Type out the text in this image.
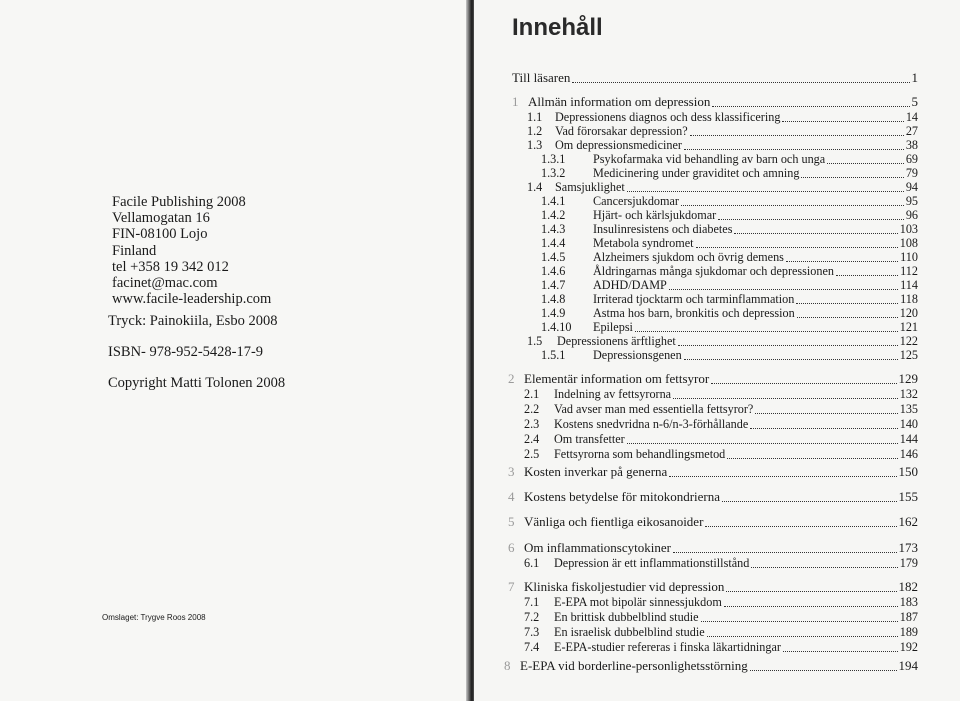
Facile Publishing 2008
Vellamogatan 16
FIN-08100 Lojo
Finland
tel +358 19 342 012
facinet@mac.com
www.facile-leadership.com
Tryck: Painokiila, Esbo 2008
ISBN- 978-952-5428-17-9
Copyright Matti Tolonen 2008
Omslaget: Trygve Roos 2008
Innehåll
Till läsaren	1
1 Allmän information om depression	5
1.1	Depressionens diagnos och dess klassificering	14
1.2	Vad förorsakar depression?	27
1.3	Om depressionsmediciner	38
1.3.1	Psykofarmaka vid behandling av barn och unga	69
1.3.2	Medicinering under graviditet och amning	79
1.4	Samsjuklighet	94
1.4.1	Cancersjukdomar	95
1.4.2	Hjärt- och kärlsjukdomar	96
1.4.3	Insulinresistens och diabetes	103
1.4.4	Metabola syndromet	108
1.4.5	Alzheimers sjukdom och övrig demens	110
1.4.6	Åldringarnas många sjukdomar och depressionen	112
1.4.7	ADHD/DAMP	114
1.4.8	Irriterad tjocktarm och tarminflammation	118
1.4.9	Astma hos barn, bronkitis och depression	120
1.4.10	Epilepsi	121
1.5	Depressionens ärftlighet	122
1.5.1	Depressionsgenen	125
2 Elementär information om fettsyror	129
2.1	Indelning av fettsyrorna	132
2.2	Vad avser man med essentiella fettsyror?	135
2.3	Kostens snedvridna n-6/n-3-förhållande	140
2.4	Om transfetter	144
2.5	Fettsyrorna som behandlingsmetod	146
3 Kosten inverkar på generna	150
4 Kostens betydelse för mitokondrierna	155
5 Vänliga och fientliga eikosanoider	162
6 Om inflammationscytokiner	173
6.1	Depression är ett inflammationstillstånd	179
7 Kliniska fiskoljestudier vid depression	182
7.1	E-EPA mot bipolär sinnessjukdom	183
7.2	En brittisk dubbelblind studie	187
7.3	En israelisk dubbelblind studie	189
7.4	E-EPA-studier refereras i finska läkartidningar	192
8 E-EPA vid borderline-personlighetsstörning	194
